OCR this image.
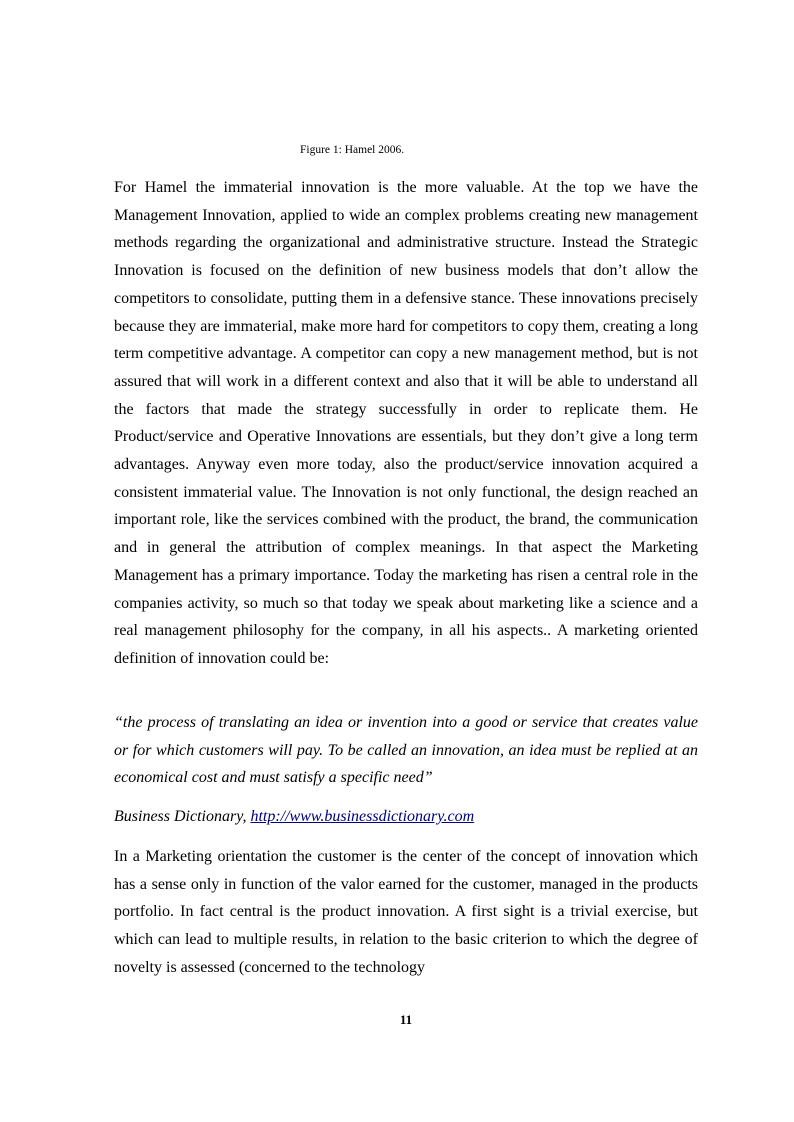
Figure 1: Hamel 2006.

For Hamel the immaterial innovation is the more valuable. At the top we have the Management Innovation, applied to wide an complex problems creating new management methods regarding the organizational and administrative structure. Instead the Strategic Innovation is focused on the definition of new business models that don’t allow the competitors to consolidate, putting them in a defensive stance. These innovations precisely because they are immaterial, make more hard for competitors to copy them, creating a long term competitive advantage. A competitor can copy a new management method, but is not assured that will work in a different context and also that it will be able to understand all the factors that made the strategy successfully in order to replicate them. He Product/service and Operative Innovations are essentials, but they don’t give a long term advantages. Anyway even more today, also the product/service innovation acquired a consistent immaterial value. The Innovation is not only functional, the design reached an important role, like the services combined with the product, the brand, the communication and in general the attribution of complex meanings. In that aspect the Marketing Management has a primary importance. Today the marketing has risen a central role in the companies activity, so much so that today we speak about marketing like a science and a real management philosophy for the company, in all his aspects.. A marketing oriented definition of innovation could be:

“the process of translating an idea or invention into a good or service that creates value or for which customers will pay. To be called an innovation, an idea must be replied at an economical cost and must satisfy a specific need”

Business Dictionary, http://www.businessdictionary.com

In a Marketing orientation the customer is the center of the concept of innovation which has a sense only in function of the valor earned for the customer, managed in the products portfolio. In fact central is the product innovation. A first sight is a trivial exercise, but which can lead to multiple results, in relation to the basic criterion to which the degree of novelty is assessed (concerned to the technology

11
